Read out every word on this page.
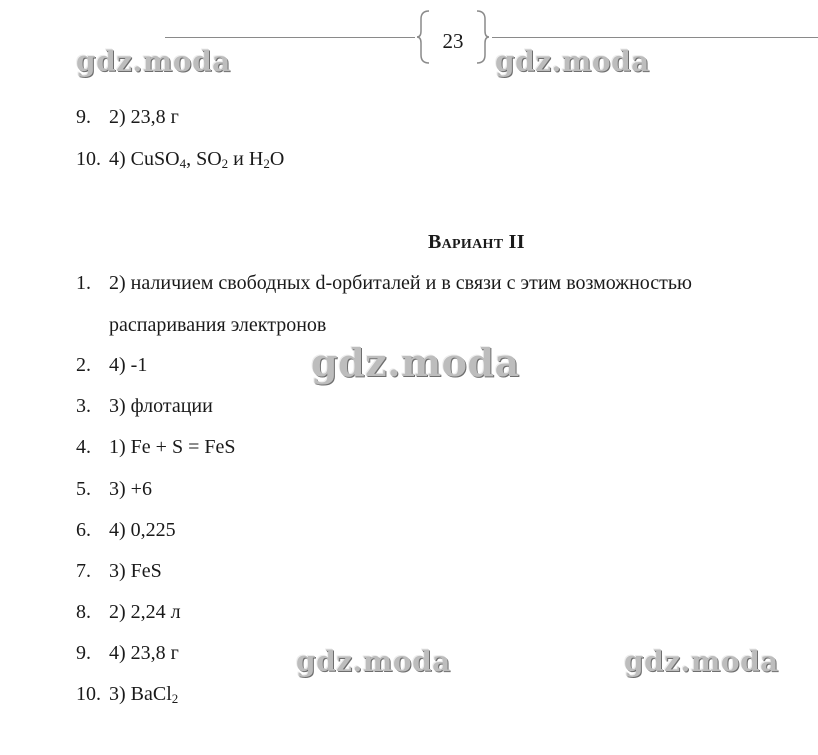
23
gdz.moda	gdz.moda
gdz.moda
gdz.moda	gdz.moda
9. 2) 23,8 г
10. 4) CuSO$_4$, $SO_2$ и $H_2O$
Вариант II
1. 2) наличием свободных d-орбиталей и в связи с этим возможностью
распаривания электронов
2. 4) -1
3. 3) флотации
4. 1) Fe + S = FeS
5. 3) +6
6. 4) 0,225
7. 3) FeS
8. 2) 2,24 л
9. 4) 23,8 г
10. 3) BaCl$_2$
